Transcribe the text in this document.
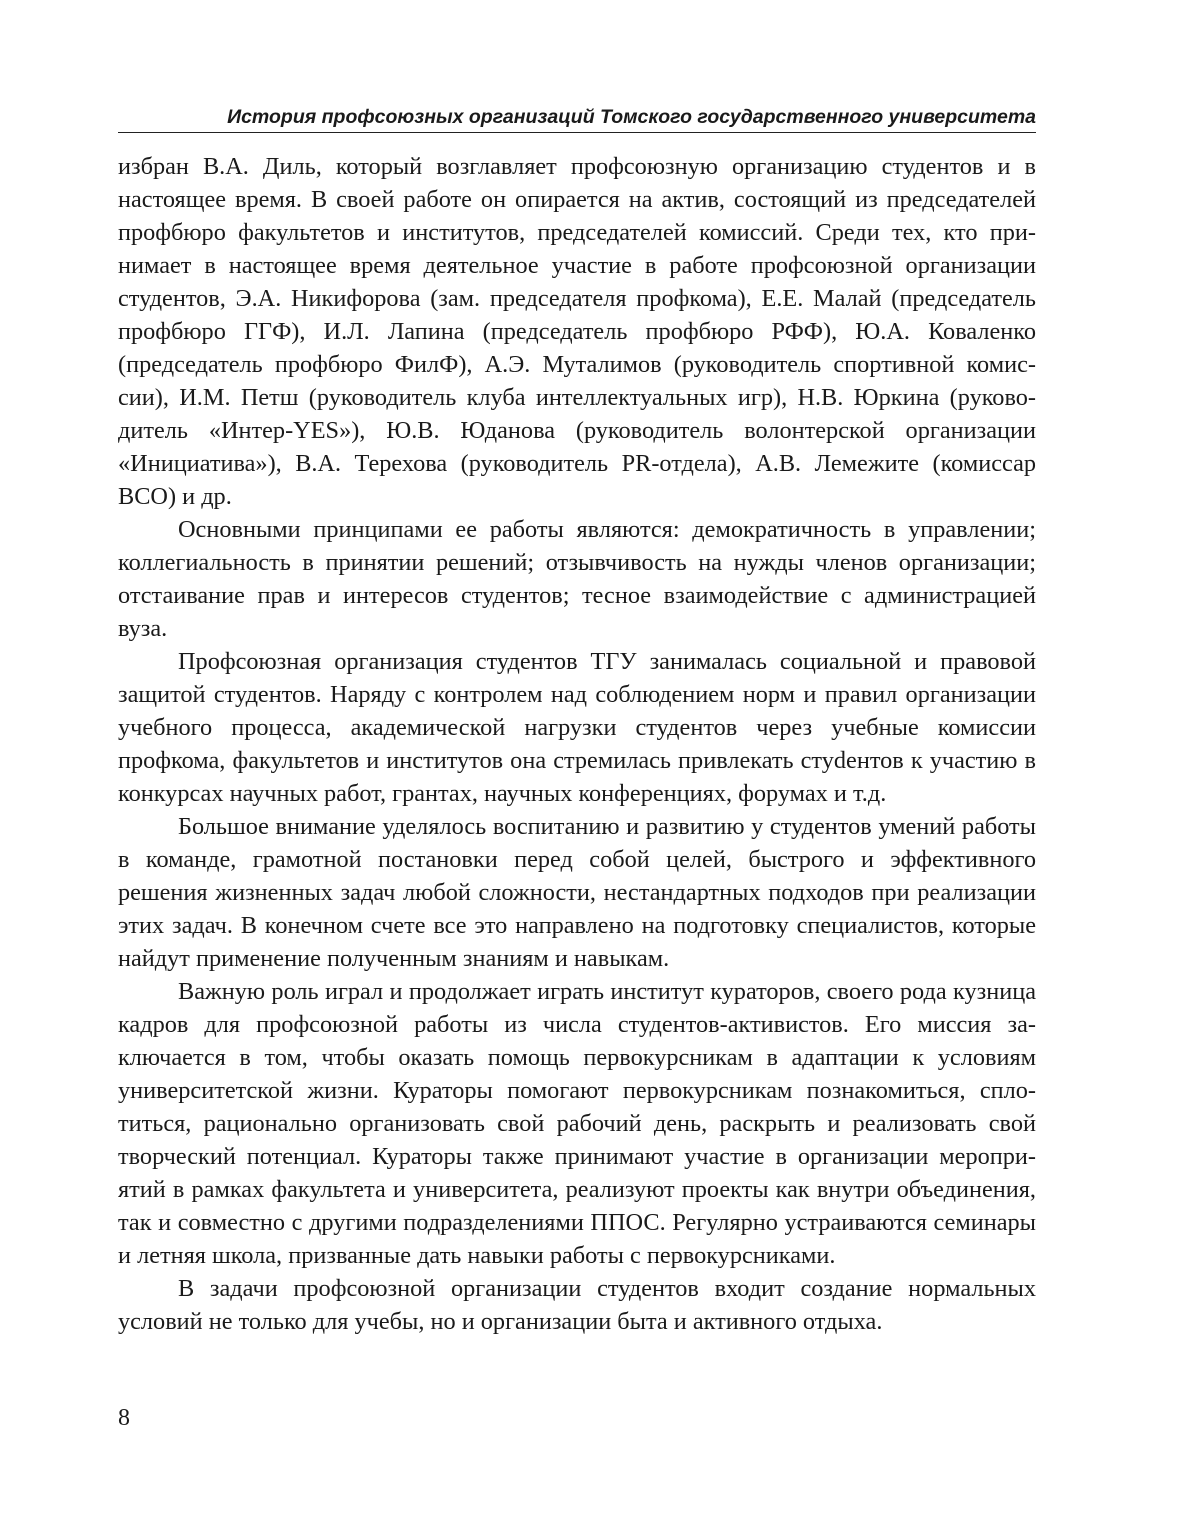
История профсоюзных организаций Томского государственного университета

избран В.А. Диль, который возглавляет профсоюзную организацию студентов и в настоящее время. В своей работе он опирается на актив, состоящий из председателей профбюро факультетов и институтов, председателей комиссий. Среди тех, кто принимает в настоящее время деятельное участие в работе профсоюзной организации студентов, Э.А. Никифорова (зам. председателя профкома), Е.Е. Малай (председатель профбюро ГГФ), И.Л. Лапина (председатель профбюро РФФ), Ю.А. Коваленко (председатель профбюро ФилФ), А.Э. Муталимов (руководитель спортивной комиссии), И.М. Петш (руководитель клуба интеллектуальных игр), Н.В. Юркина (руководитель «Интер-YES»), Ю.В. Юданова (руководитель волонтерской организации «Инициатива»), В.А. Терехова (руководитель PR-отдела), А.В. Лемежите (комиссар ВСО) и др.

Основными принципами ее работы являются: демократичность в управлении; коллегиальность в принятии решений; отзывчивость на нужды членов организации; отстаивание прав и интересов студентов; тесное взаимодействие с администрацией вуза.

Профсоюзная организация студентов ТГУ занималась социальной и правовой защитой студентов. Наряду с контролем над соблюдением норм и правил организации учебного процесса, академической нагрузки студентов через учебные комиссии профкома, факультетов и институтов она стремилась привлекать стуdентов к участию в конкурсах научных работ, грантах, научных конференциях, форумах и т.д.

Большое внимание уделялось воспитанию и развитию у студентов умений работы в команде, грамотной постановки перед собой целей, быстрого и эффективного решения жизненных задач любой сложности, нестандартных подходов при реализации этих задач. В конечном счете все это направлено на подготовку специалистов, которые найдут применение полученным знаниям и навыкам.

Важную роль играл и продолжает играть институт кураторов, своего рода кузница кадров для профсоюзной работы из числа студентов-активистов. Его миссия заключается в том, чтобы оказать помощь первокурсникам в адаптации к условиям университетской жизни. Кураторы помогают первокурсникам познакомиться, сплотиться, рационально организовать свой рабочий день, раскрыть и реализовать свой творческий потенциал. Кураторы также принимают участие в организации мероприятий в рамках факультета и университета, реализуют проекты как внутри объединения, так и совместно с другими подразделениями ППОС. Регулярно устраиваются семинары и летняя школа, призванные дать навыки работы с первокурсниками.

В задачи профсоюзной организации студентов входит создание нормальных условий не только для учебы, но и организации быта и активного отдыха.

8
